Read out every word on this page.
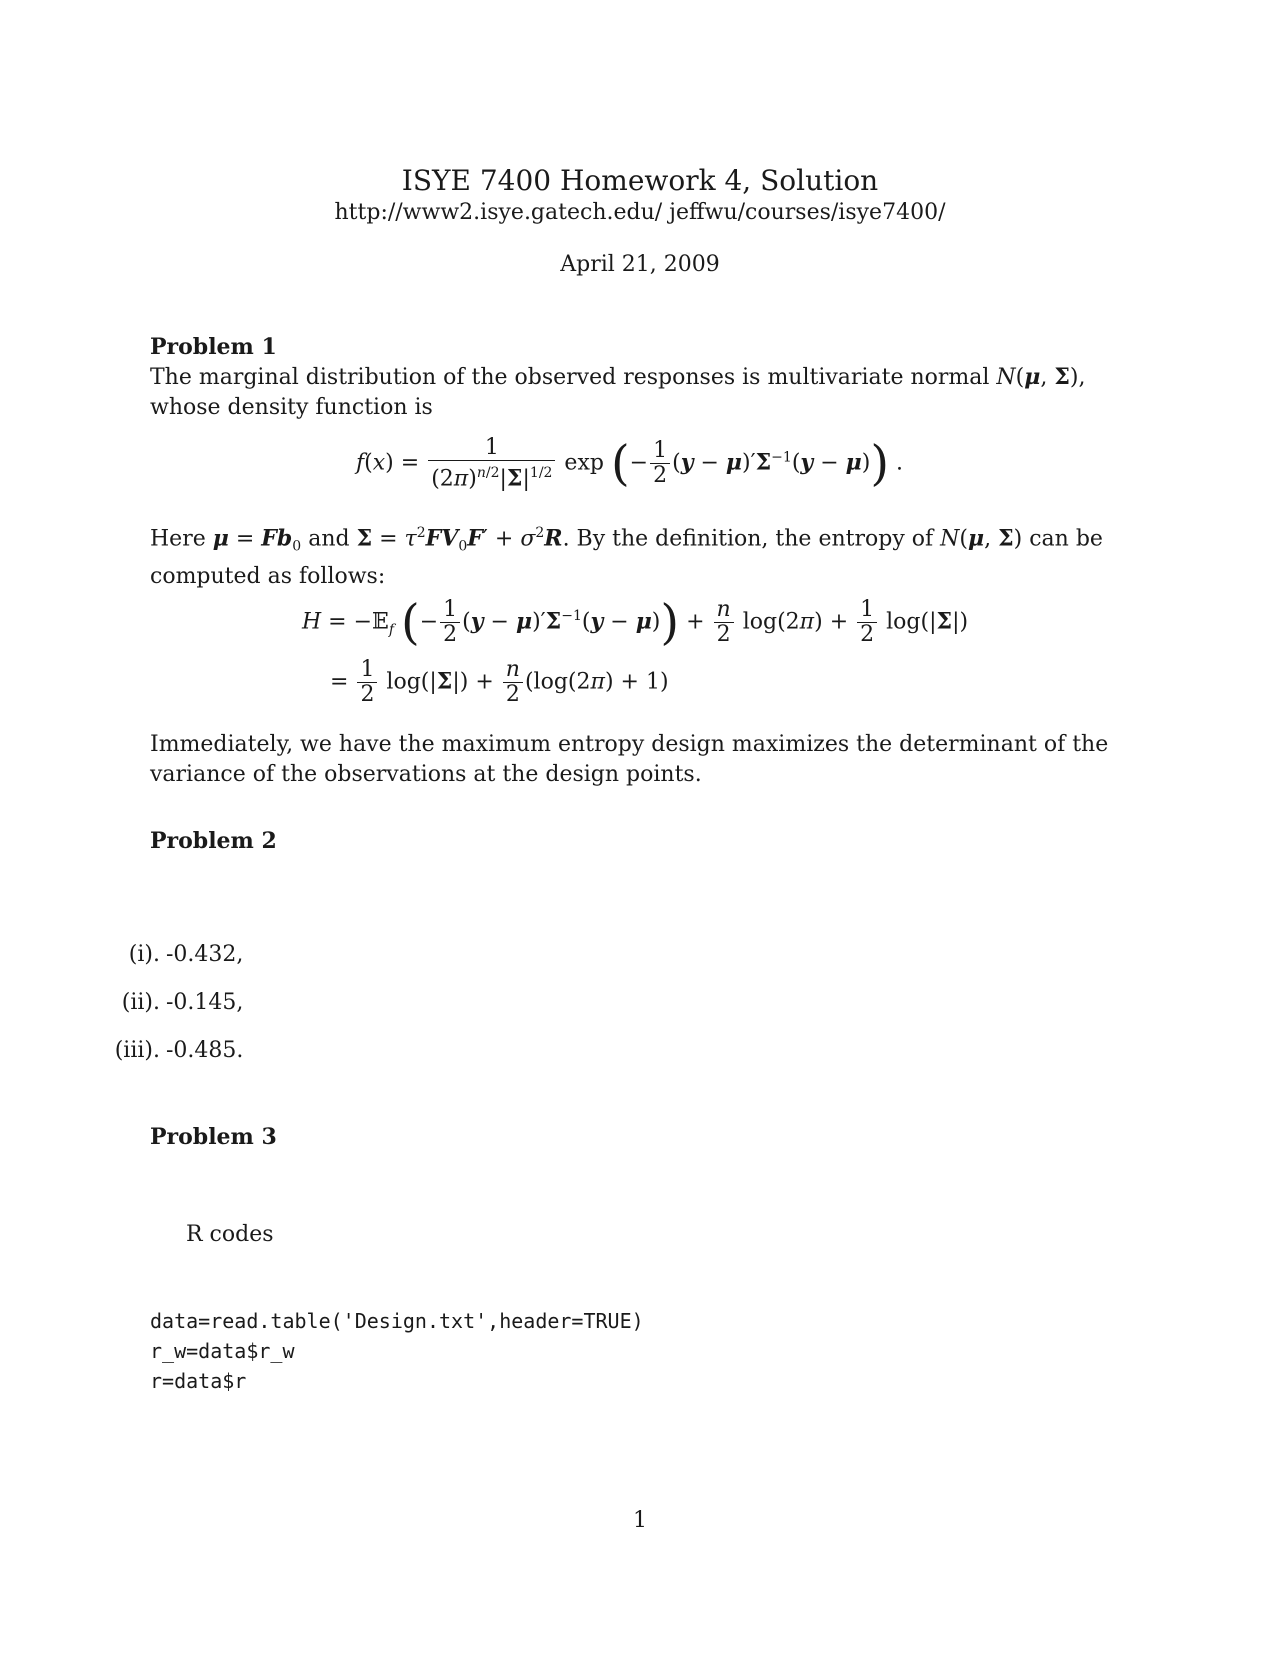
ISYE 7400 Homework 4, Solution
http://www2.isye.gatech.edu/ jeffwu/courses/isye7400/
April 21, 2009
Problem 1
The marginal distribution of the observed responses is multivariate normal N(μ, Σ), whose density function is
$f(x) = \frac{1}{(2\pi)^{n/2}|\Sigma|^{1/2}}$ exp (− $\frac{1}{2} (y - \mu)'\Sigma^{-1}(y - \mu)$) .
Here $\mu = Fb_0$ and $\Sigma = \tau^2FV_0F' + \sigma^2R$. By the definition, the entropy of N(μ, Σ) can be computed as follows:
H = −𝔼$_f$ (− $\frac{1}{2} (y - \mu)'\Sigma^{-1}(y - \mu)) + \frac{n}{2} \log(2\pi) + \frac{1}{2} \log(|\Sigma|)$
= $\frac{1}{2} \log(|\Sigma|) + \frac{n}{2} (\log(2\pi) + 1)$
Immediately, we have the maximum entropy design maximizes the determinant of the variance of the observations at the design points.
Problem 2
(i). -0.432,
(ii). -0.145,
(iii). -0.485.
Problem 3
R codes
data=read.table('Design.txt',header=TRUE)
r_w=data$r_w
r=data$r
1
